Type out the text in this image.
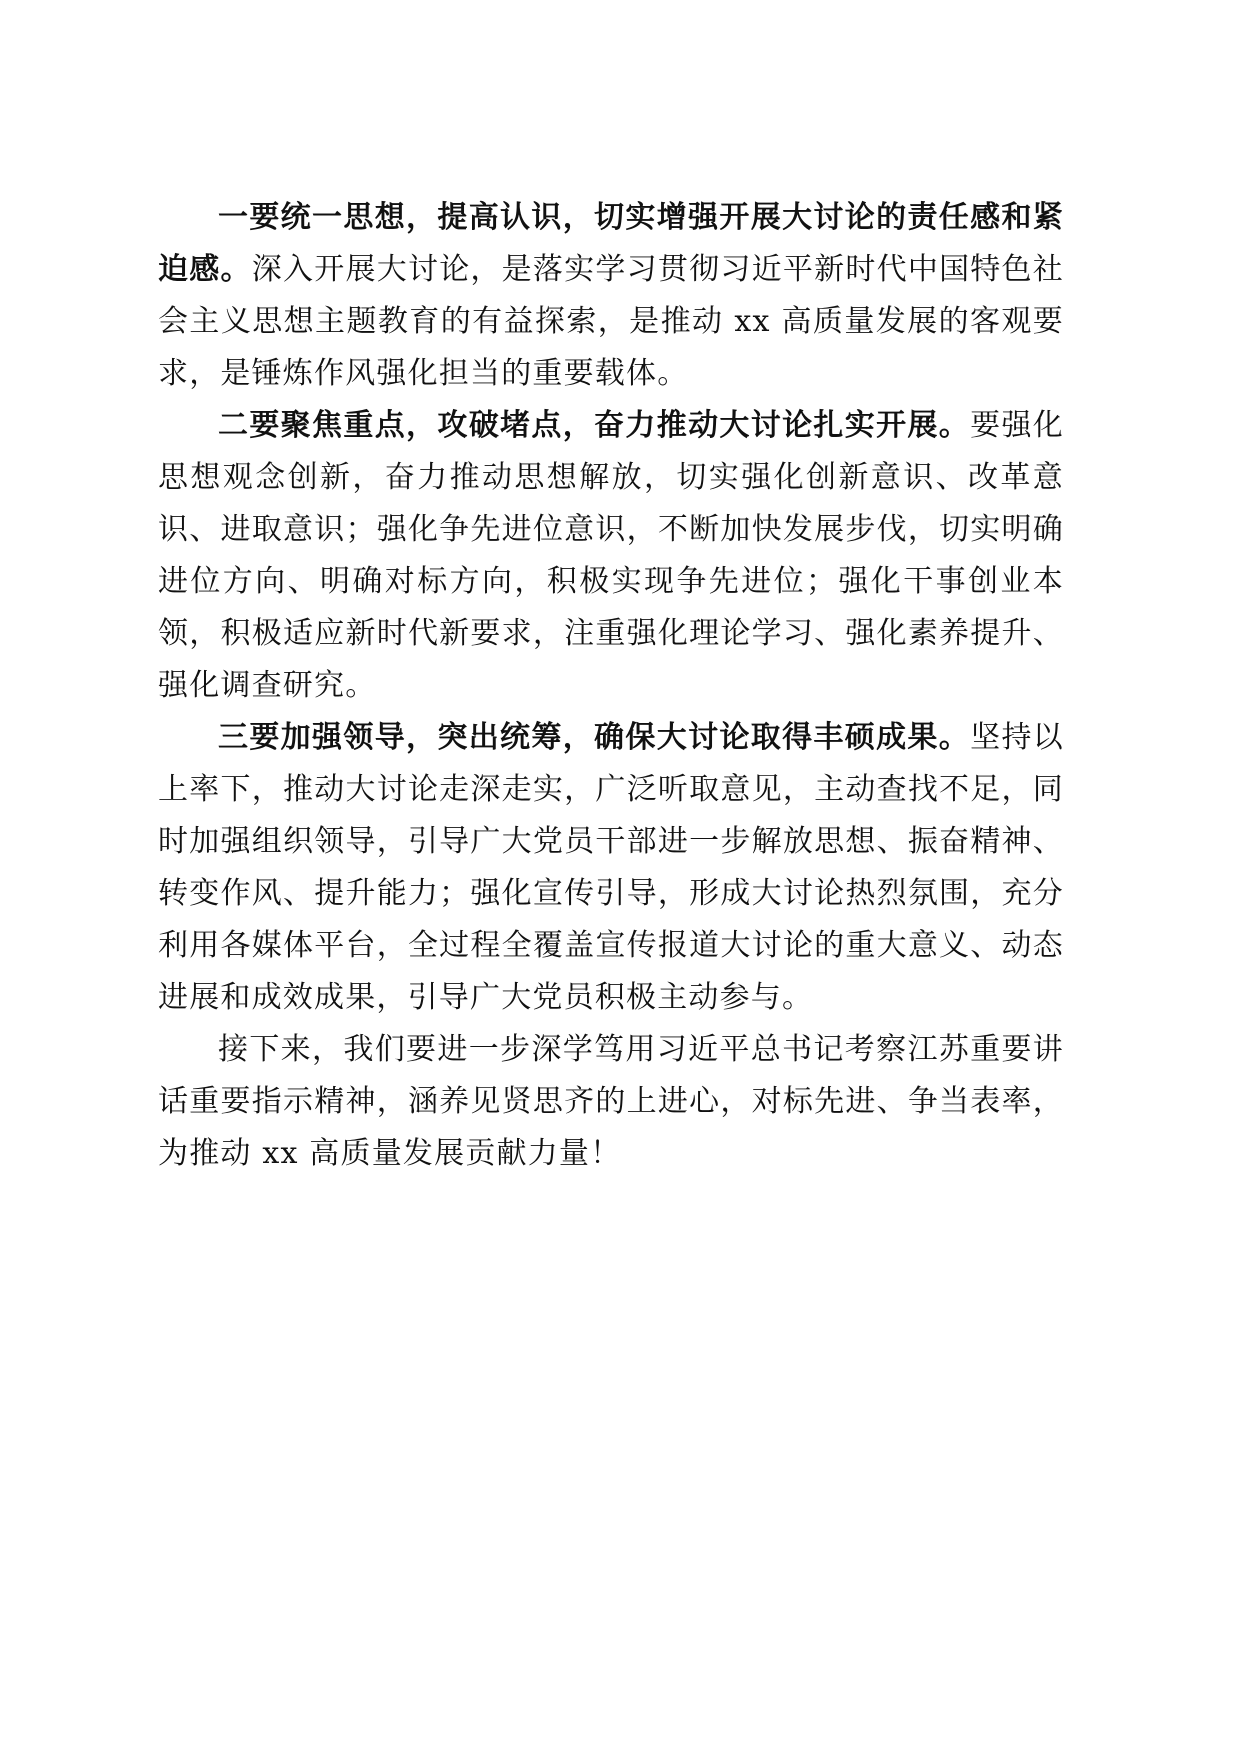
一要统一思想，提高认识，切实增强开展大讨论的责任感和紧迫感。深入开展大讨论，是落实学习贯彻习近平新时代中国特色社会主义思想主题教育的有益探索，是推动 xx 高质量发展的客观要求，是锤炼作风强化担当的重要载体。

二要聚焦重点，攻破堵点，奋力推动大讨论扎实开展。要强化思想观念创新，奋力推动思想解放，切实强化创新意识、改革意识、进取意识；强化争先进位意识，不断加快发展步伐，切实明确进位方向、明确对标方向，积极实现争先进位；强化干事创业本领，积极适应新时代新要求，注重强化理论学习、强化素养提升、强化调查研究。

三要加强领导，突出统筹，确保大讨论取得丰硕成果。坚持以上率下，推动大讨论走深走实，广泛听取意见，主动查找不足，同时加强组织领导，引导广大党员干部进一步解放思想、振奋精神、转变作风、提升能力；强化宣传引导，形成大讨论热烈氛围，充分利用各媒体平台，全过程全覆盖宣传报道大讨论的重大意义、动态进展和成效成果，引导广大党员积极主动参与。

接下来，我们要进一步深学笃用习近平总书记考察江苏重要讲话重要指示精神，涵养见贤思齐的上进心，对标先进、争当表率，为推动 xx 高质量发展贡献力量！
